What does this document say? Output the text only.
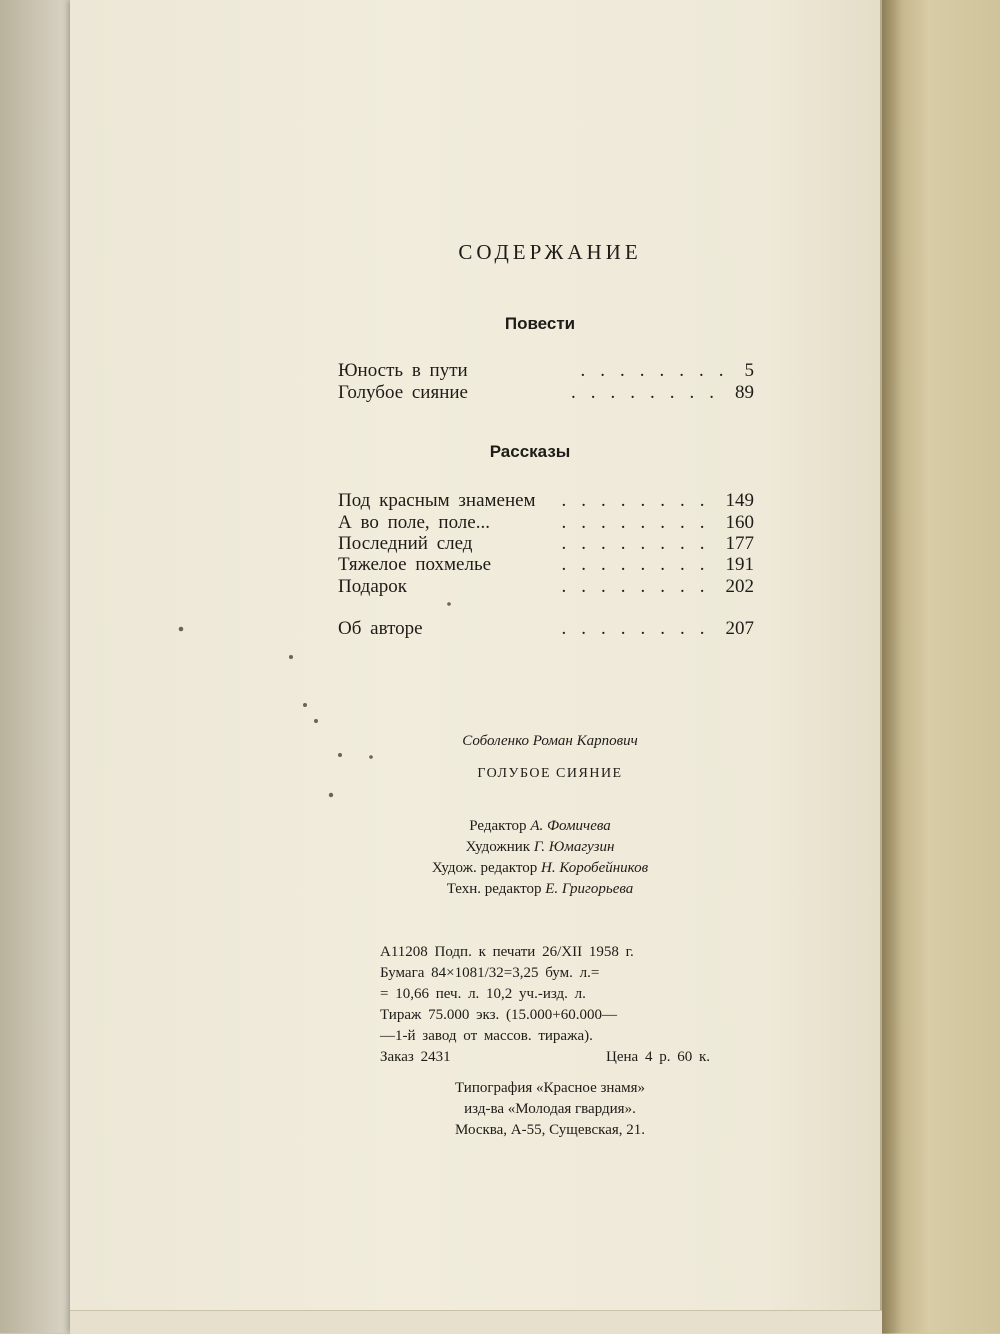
СОДЕРЖАНИЕ
Повести
Юность в пути	........ 5
Голубое сияние	........ 89
Рассказы
Под красным знаменем	........ 149
А во поле, поле...	........ 160
Последний след	........ 177
Тяжелое похмелье	........ 191
Подарок	........ 202
Об авторе	........ 207
Соболенко Роман Карпович
ГОЛУБОЕ СИЯНИЕ
Редактор А. Фомичева
Художник Г. Юмагузин
Худож. редактор Н. Коробейников
Техн. редактор Е. Григорьева
А11208 Подп. к печати 26/XII 1958 г.
Бумага 84×1081/32=3,25 бум. л.=
= 10,66 печ. л. 10,2 уч.-изд. л.
Тираж 75.000 экз. (15.000+60.000—
—1-й завод от массов. тиража).
Заказ 2431	Цена 4 р. 60 к.
Типография «Красное знамя»
изд-ва «Молодая гвардия».
Москва, А-55, Сущевская, 21.
